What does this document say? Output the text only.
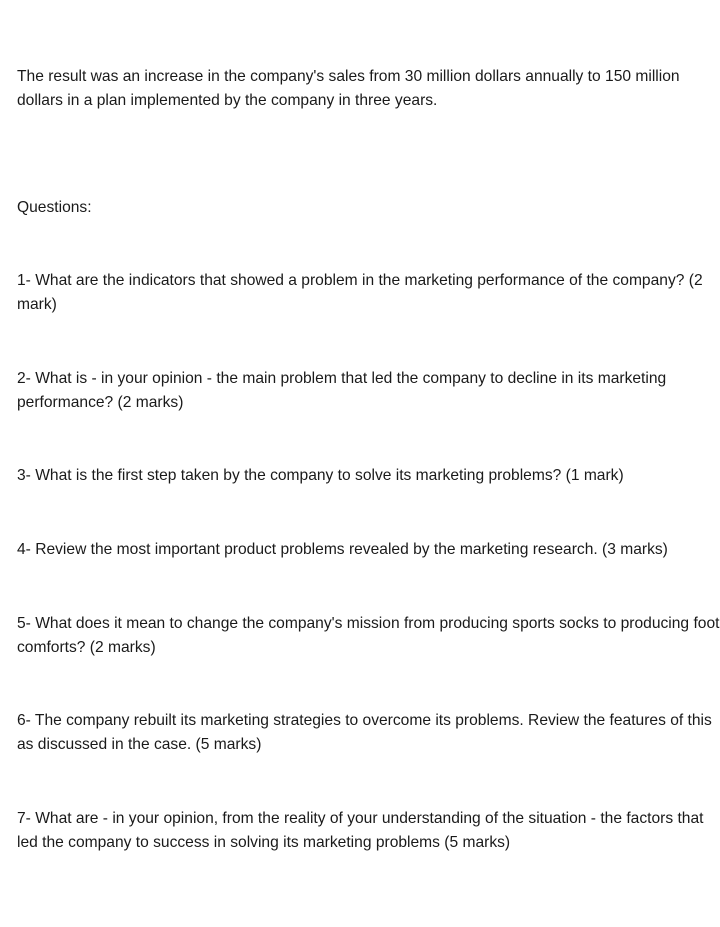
The result was an increase in the company's sales from 30 million dollars annually to 150 million dollars in a plan implemented by the company in three years.

Questions:

1- What are the indicators that showed a problem in the marketing performance of the company? (2 mark)

2- What is - in your opinion - the main problem that led the company to decline in its marketing performance? (2 marks)

3- What is the first step taken by the company to solve its marketing problems? (1 mark)

4- Review the most important product problems revealed by the marketing research. (3 marks)

5- What does it mean to change the company's mission from producing sports socks to producing foot comforts? (2 marks)

6- The company rebuilt its marketing strategies to overcome its problems. Review the features of this as discussed in the case. (5 marks)

7- What are - in your opinion, from the reality of your understanding of the situation - the factors that led the company to success in solving its marketing problems (5 marks)
